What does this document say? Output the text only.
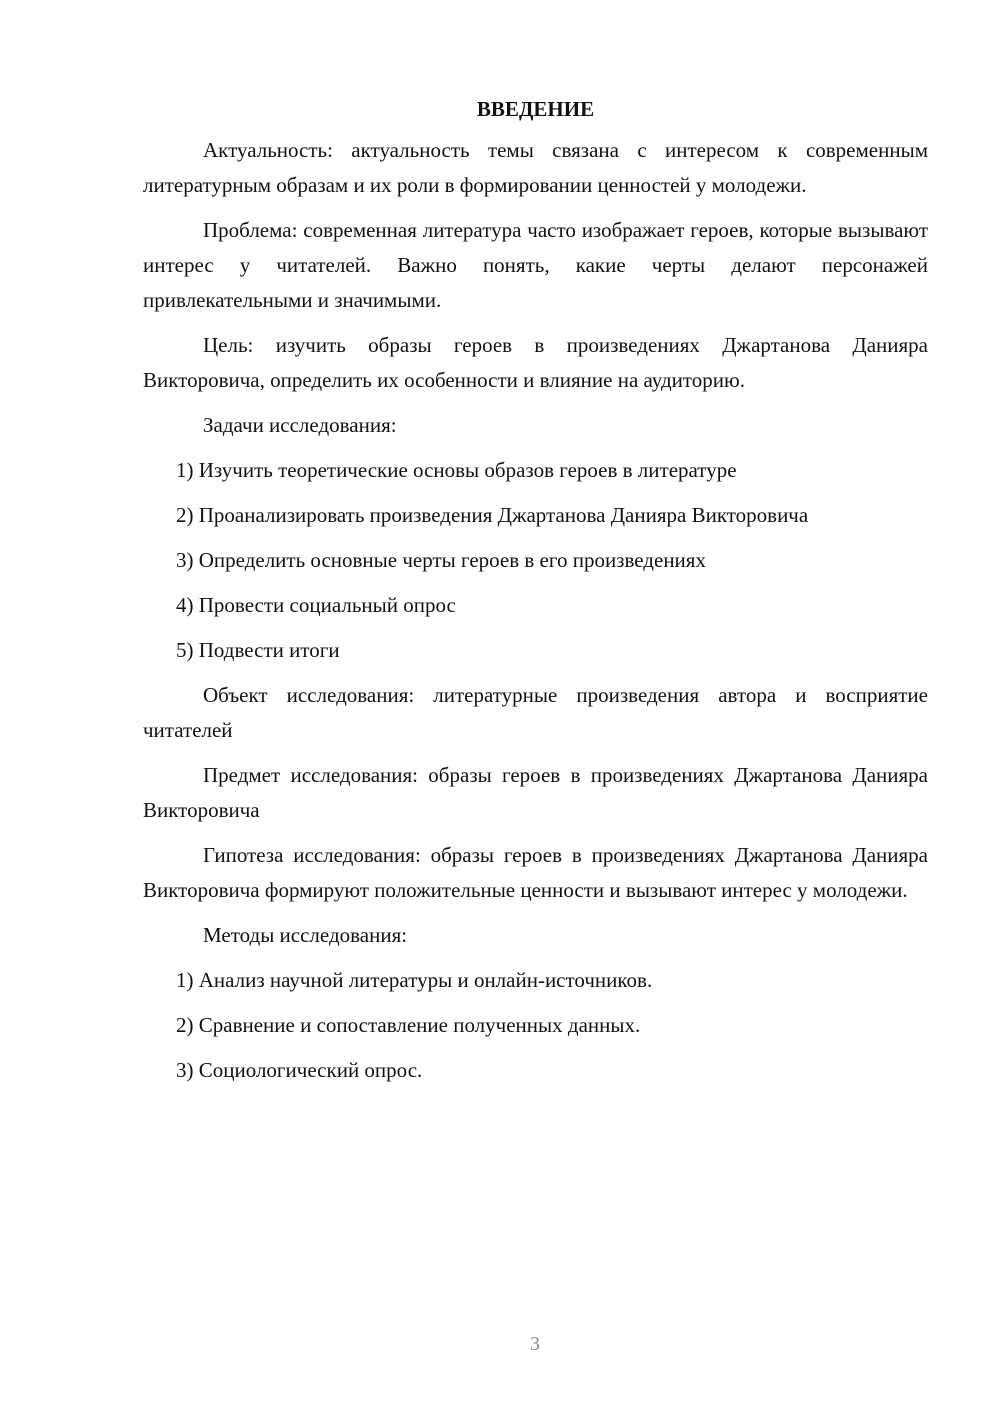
ВВЕДЕНИЕ

Актуальность: актуальность темы связана с интересом к современным литературным образам и их роли в формировании ценностей у молодежи.

Проблема: современная литература часто изображает героев, которые вызывают интерес у читателей. Важно понять, какие черты делают персонажей привлекательными и значимыми.

Цель: изучить образы героев в произведениях Джартанова Данияра Викторовича, определить их особенности и влияние на аудиторию.

Задачи исследования:

1) Изучить теоретические основы образов героев в литературе

2) Проанализировать произведения Джартанова Данияра Викторовича

3) Определить основные черты героев в его произведениях

4) Провести социальный опрос

5) Подвести итоги

Объект исследования: литературные произведения автора и восприятие читателей

Предмет исследования: образы героев в произведениях Джартанова Данияра Викторовича

Гипотеза исследования: образы героев в произведениях Джартанова Данияра Викторовича формируют положительные ценности и вызывают интерес у молодежи.

Методы исследования:

1) Анализ научной литературы и онлайн-источников.

2) Сравнение и сопоставление полученных данных.

3) Социологический опрос.

3
